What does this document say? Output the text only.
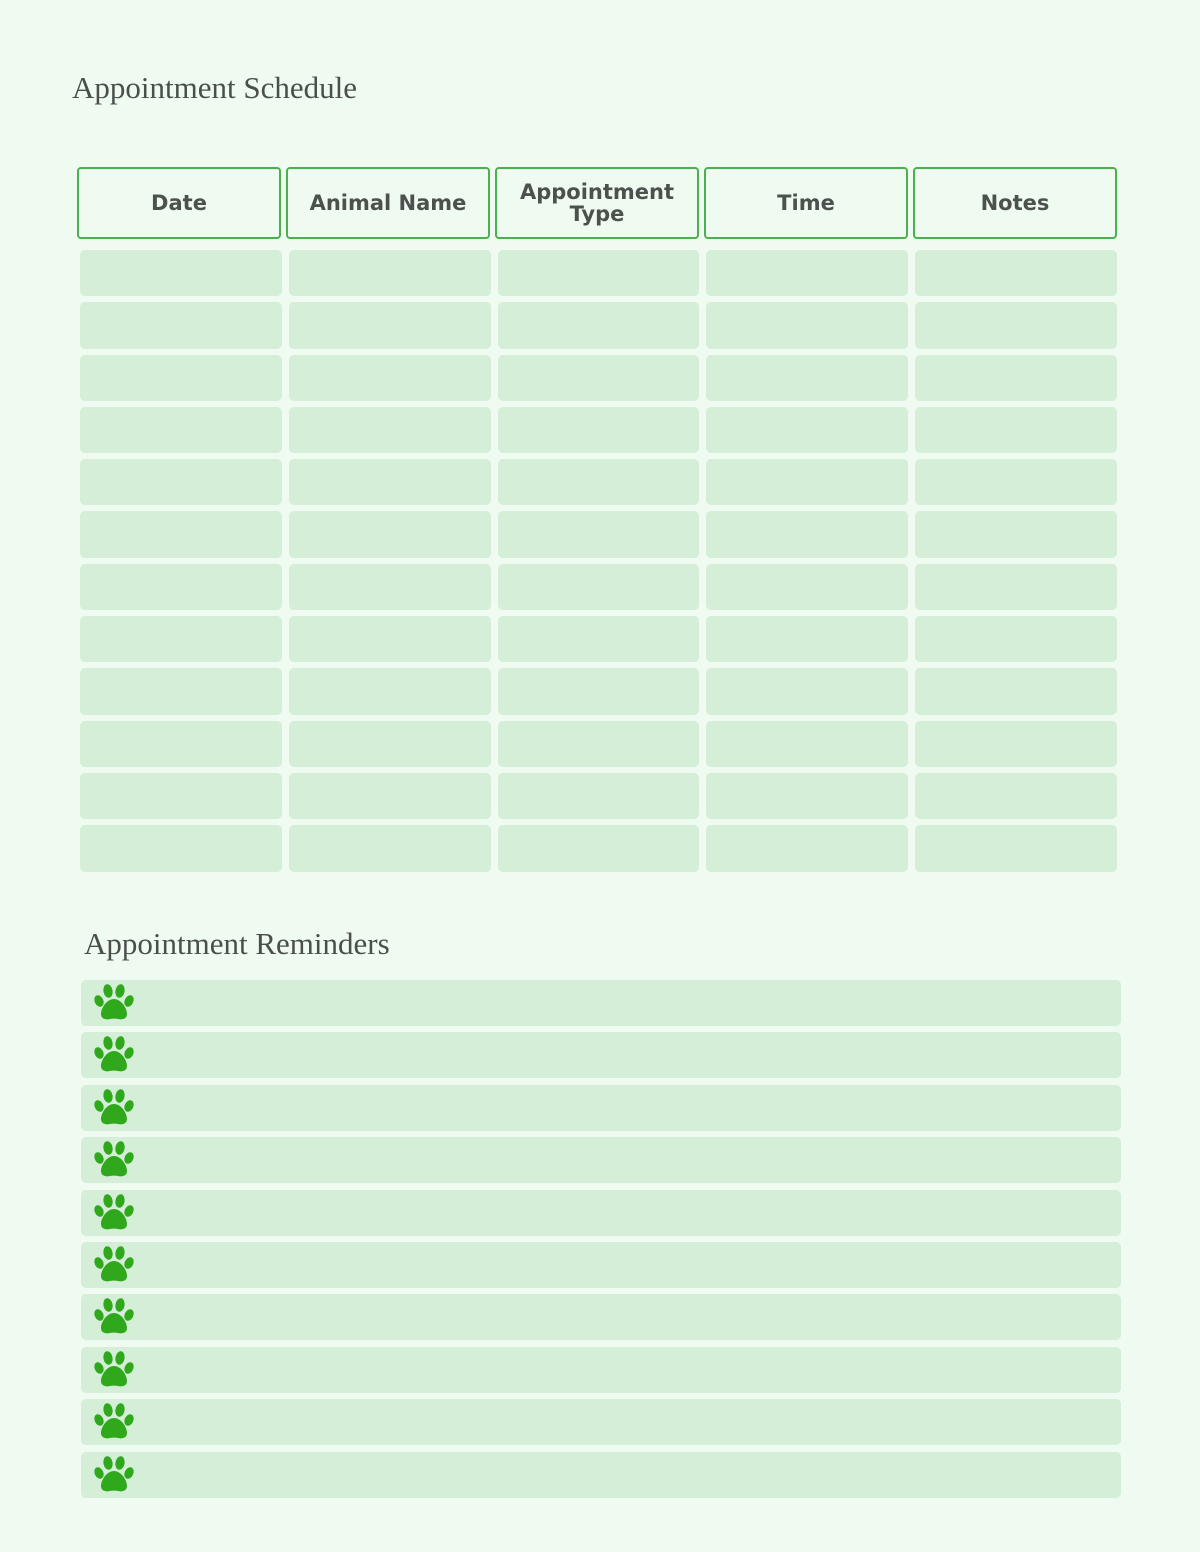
Appointment Schedule
Date	Animal Name	Appointment Type	Time	Notes
Appointment Reminders
